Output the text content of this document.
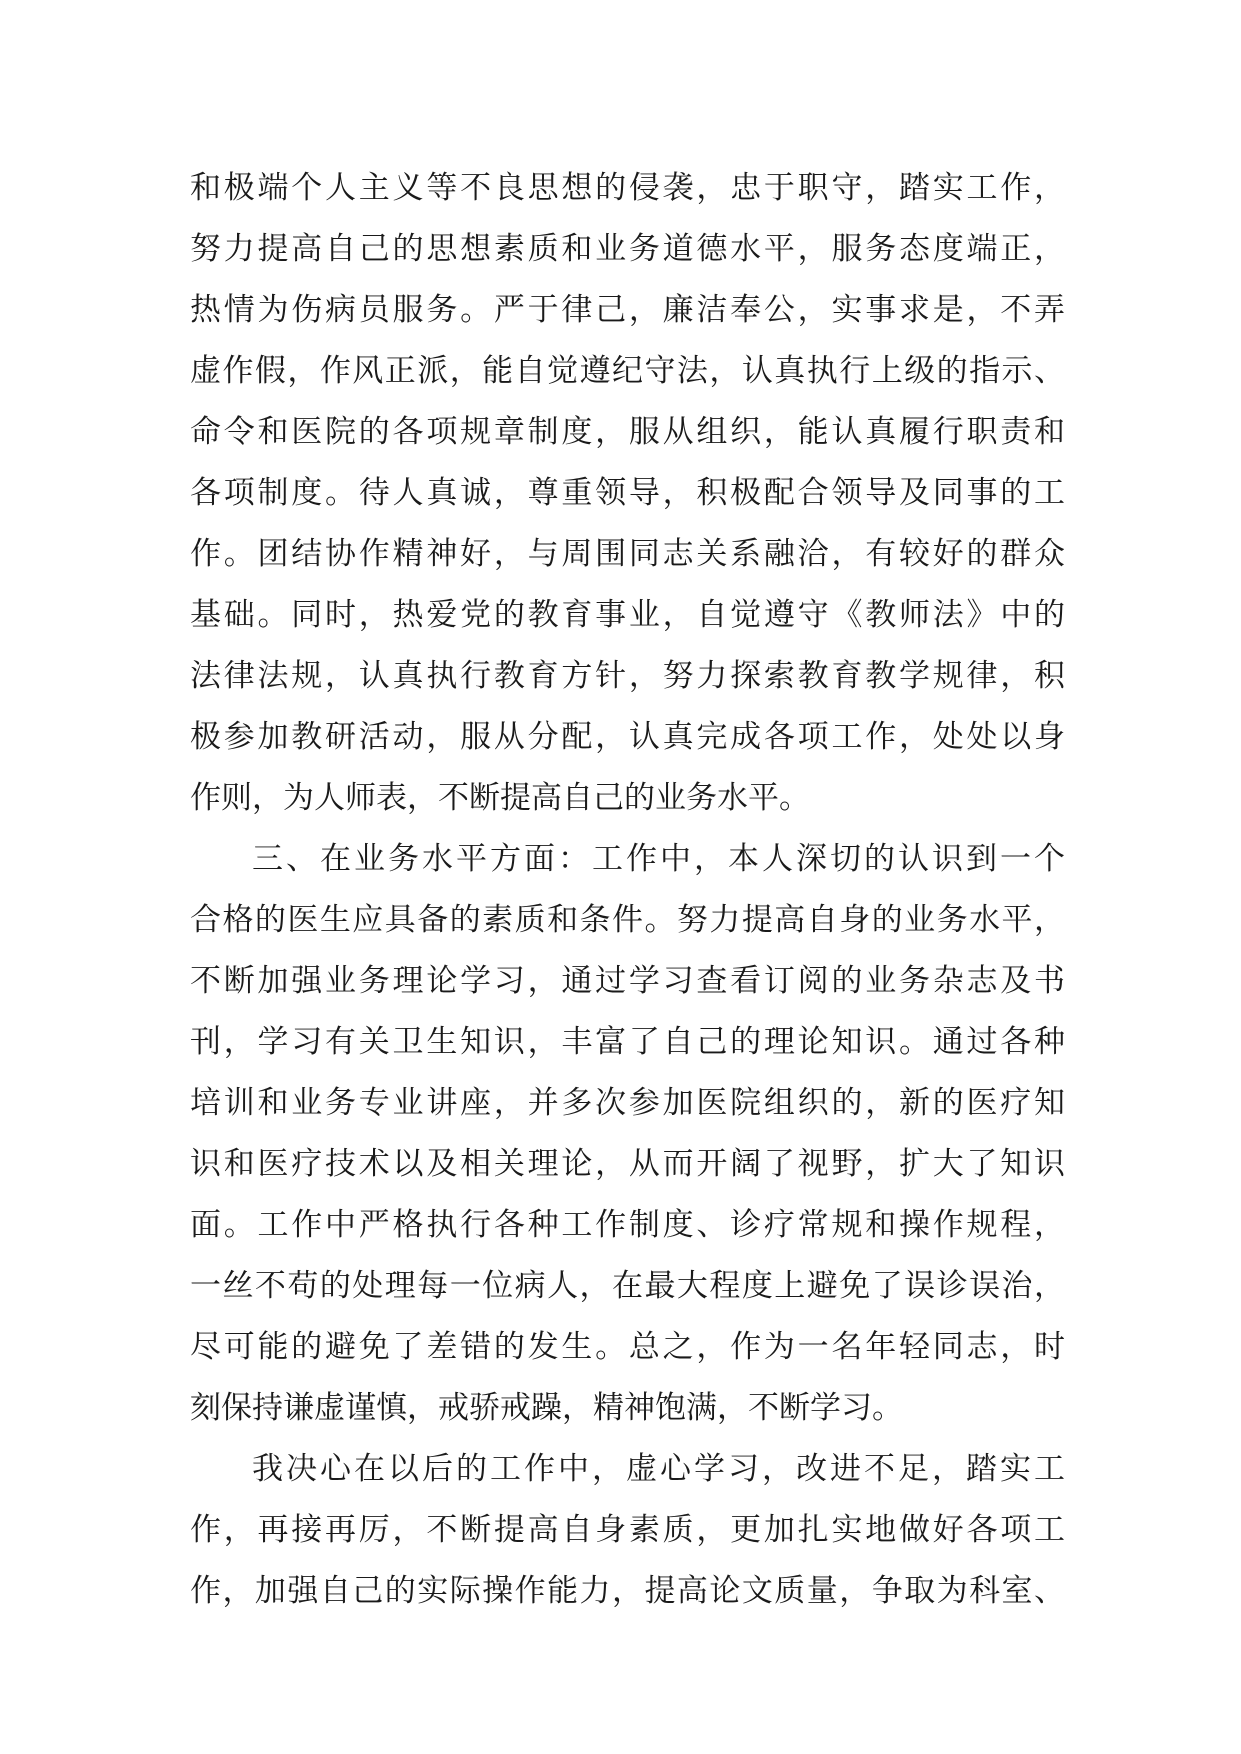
和极端个人主义等不良思想的侵袭，忠于职守，踏实工作，
努力提高自己的思想素质和业务道德水平，服务态度端正，
热情为伤病员服务。严于律己，廉洁奉公，实事求是，不弄
虚作假，作风正派，能自觉遵纪守法，认真执行上级的指示、
命令和医院的各项规章制度，服从组织，能认真履行职责和
各项制度。待人真诚，尊重领导，积极配合领导及同事的工
作。团结协作精神好，与周围同志关系融洽，有较好的群众
基础。同时，热爱党的教育事业，自觉遵守《教师法》中的
法律法规，认真执行教育方针，努力探索教育教学规律，积
极参加教研活动，服从分配，认真完成各项工作，处处以身
作则，为人师表，不断提高自己的业务水平。
三、在业务水平方面：工作中，本人深切的认识到一个
合格的医生应具备的素质和条件。努力提高自身的业务水平，
不断加强业务理论学习，通过学习查看订阅的业务杂志及书
刊，学习有关卫生知识，丰富了自己的理论知识。通过各种
培训和业务专业讲座，并多次参加医院组织的，新的医疗知
识和医疗技术以及相关理论，从而开阔了视野，扩大了知识
面。工作中严格执行各种工作制度、诊疗常规和操作规程，
一丝不苟的处理每一位病人，在最大程度上避免了误诊误治，
尽可能的避免了差错的发生。总之，作为一名年轻同志，时
刻保持谦虚谨慎，戒骄戒躁，精神饱满，不断学习。
我决心在以后的工作中，虚心学习，改进不足，踏实工
作，再接再厉，不断提高自身素质，更加扎实地做好各项工
作，加强自己的实际操作能力，提高论文质量，争取为科室、
